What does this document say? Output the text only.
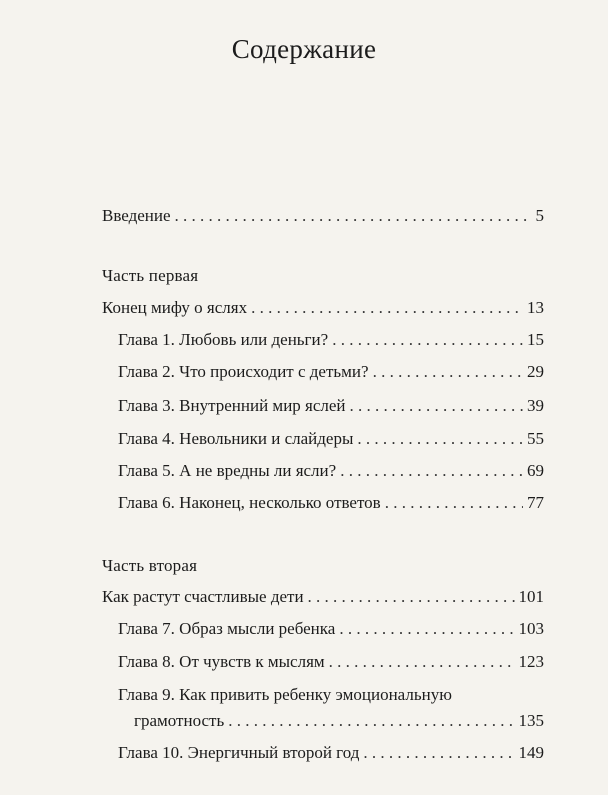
Содержание
Введение . . .	5
Часть первая
Конец мифу о яслях . . .	13
Глава 1. Любовь или деньги? . . .	15
Глава 2. Что происходит с детьми? . . .	29
Глава 3. Внутренний мир яслей . . .	39
Глава 4. Невольники и слайдеры . . .	55
Глава 5. А не вредны ли ясли? . . .	69
Глава 6. Наконец, несколько ответов . . .	77
Часть вторая
Как растут счастливые дети . . .	101
Глава 7. Образ мысли ребенка . . .	103
Глава 8. От чувств к мыслям . . .	123
Глава 9. Как привить ребенку эмоциональную
грамотность . . .	135
Глава 10. Энергичный второй год . . .	149
